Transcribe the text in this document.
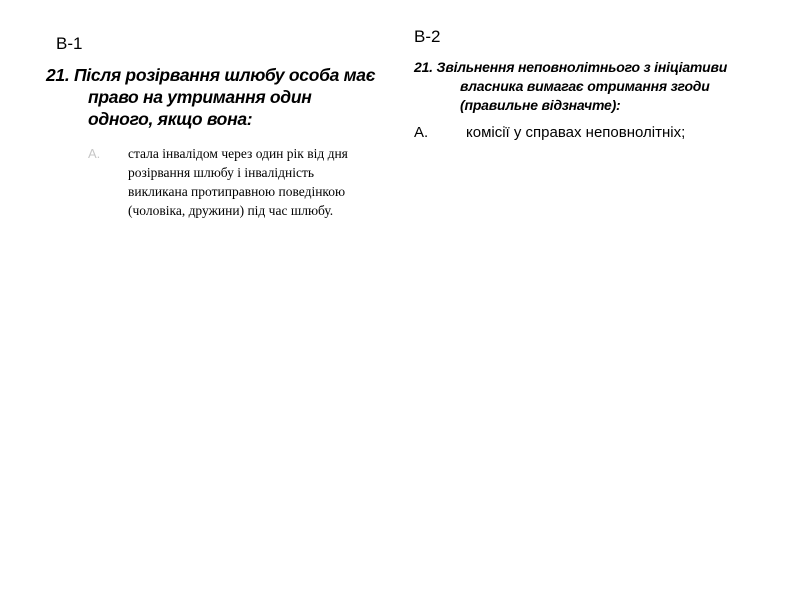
B-1

21. Після розірвання шлюбу особа має право на утримання один одного, якщо вона:

A.	стала інвалідом через один рік від дня розірвання шлюбу і інвалідність викликана протиправною поведінкою (чоловіка, дружини) під час шлюбу.

B-2

21. Звільнення неповнолітнього з ініціативи власника вимагає отримання згоди (правильне відзначте):

А.	комісії у справах неповнолітніх;
